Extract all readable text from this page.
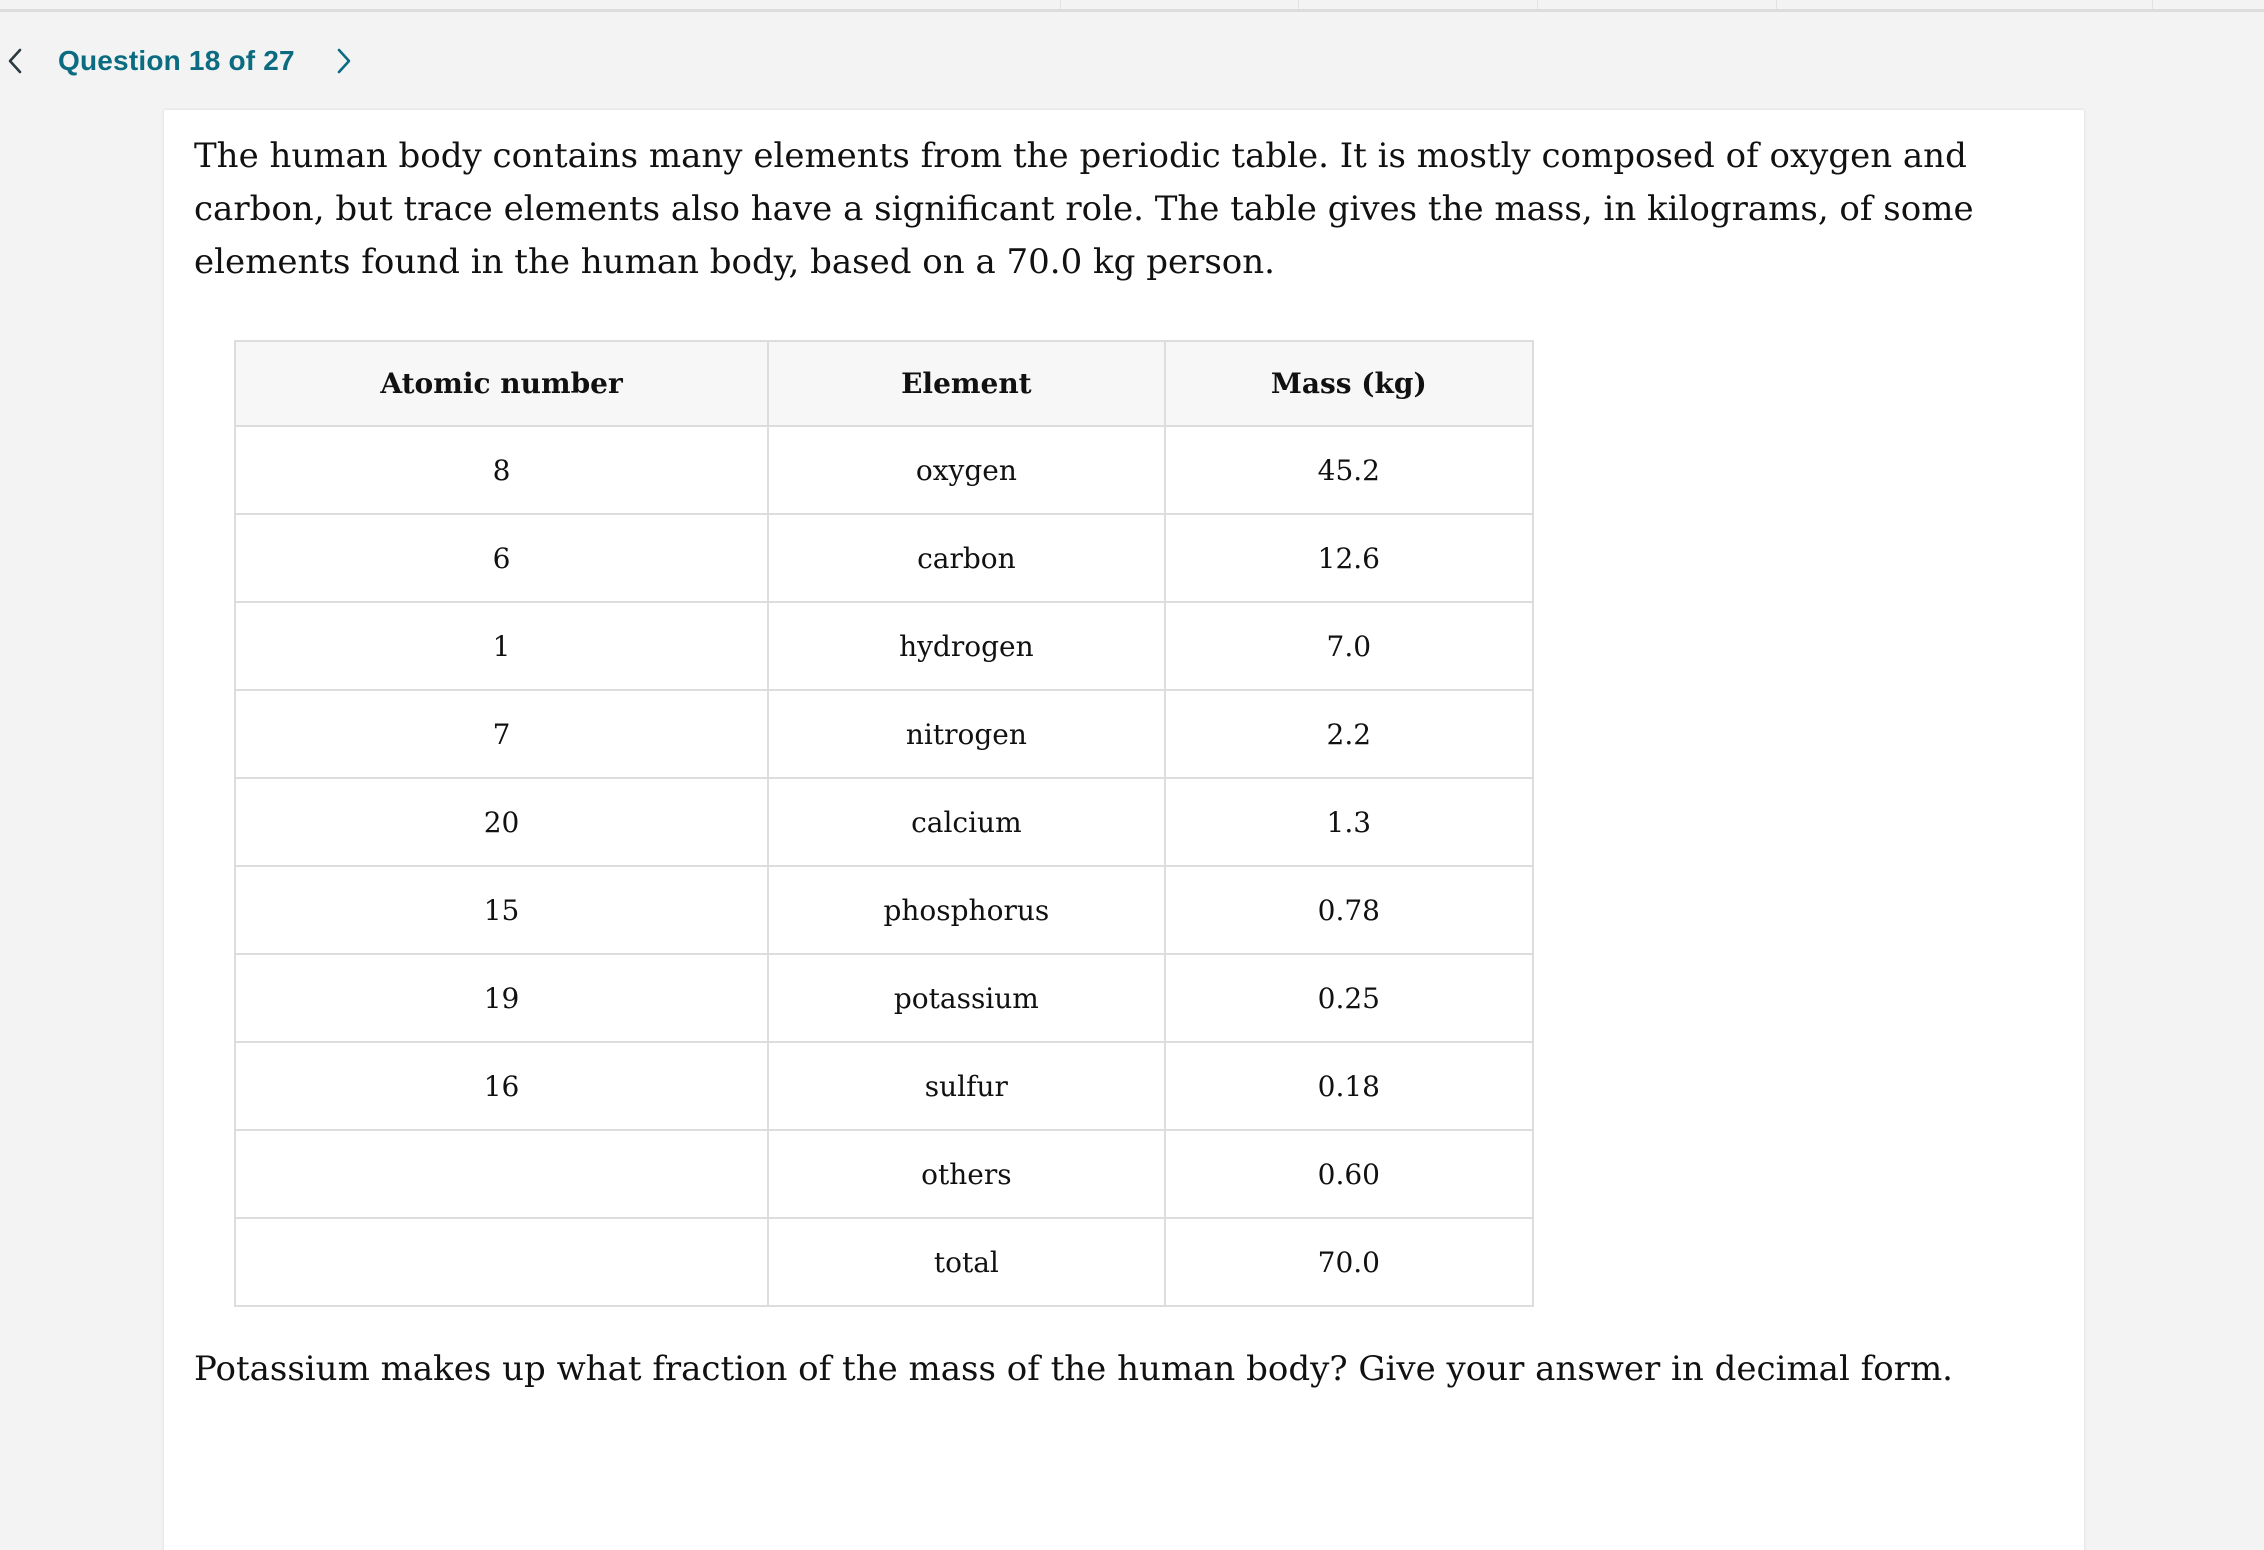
Question 18 of 27
The human body contains many elements from the periodic table. It is mostly composed of oxygen and carbon, but trace elements also have a significant role. The table gives the mass, in kilograms, of some elements found in the human body, based on a 70.0 kg person.
Atomic number	Element	Mass (kg)
8	oxygen	45.2
6	carbon	12.6
1	hydrogen	7.0
7	nitrogen	2.2
20	calcium	1.3
15	phosphorus	0.78
19	potassium	0.25
16	sulfur	0.18
	others	0.60
	total	70.0
Potassium makes up what fraction of the mass of the human body? Give your answer in decimal form.
